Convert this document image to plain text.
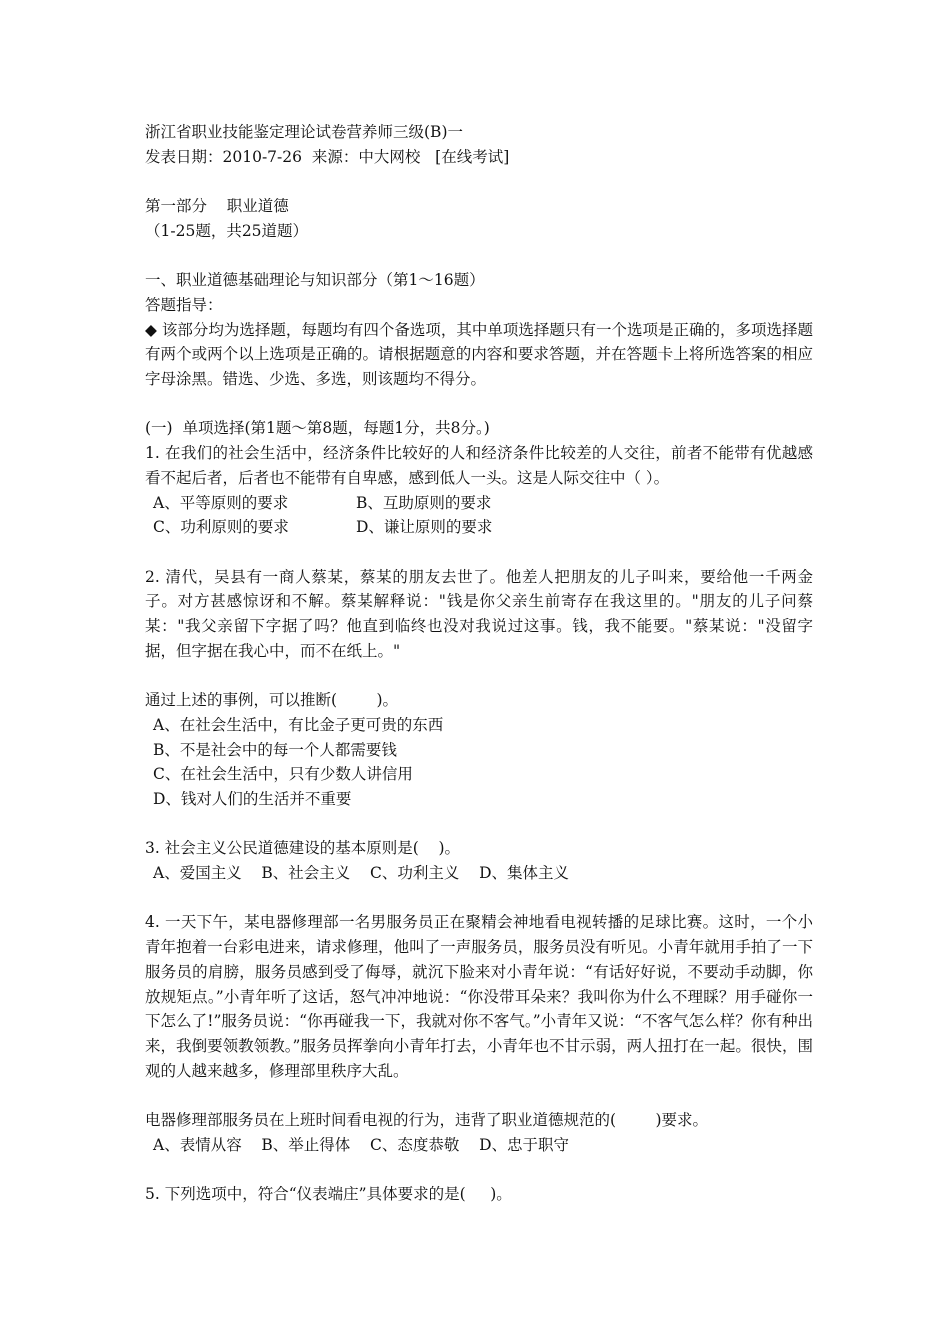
浙江省职业技能鉴定理论试卷营养师三级(B)一
发表日期：2010-7-26  来源：中大网校   [在线考试]
第一部分    职业道德
（1-25题，共25道题）
一、职业道德基础理论与知识部分（第1～16题）
答题指导：
◆ 该部分均为选择题，每题均有四个备选项，其中单项选择题只有一个选项是正确的，多项选择题有两个或两个以上选项是正确的。请根据题意的内容和要求答题，并在答题卡上将所选答案的相应字母涂黑。错选、少选、多选，则该题均不得分。
(一)  单项选择(第1题～第8题，每题1分，共8分。)
1. 在我们的社会生活中，经济条件比较好的人和经济条件比较差的人交往，前者不能带有优越感看不起后者，后者也不能带有自卑感，感到低人一头。这是人际交往中（ ）。
A、平等原则的要求	B、互助原则的要求
C、功利原则的要求	D、谦让原则的要求
2. 清代，吴县有一商人蔡某，蔡某的朋友去世了。他差人把朋友的儿子叫来，要给他一千两金子。对方甚感惊讶和不解。蔡某解释说："钱是你父亲生前寄存在我这里的。"朋友的儿子问蔡某："我父亲留下字据了吗？他直到临终也没对我说过这事。钱，我不能要。"蔡某说："没留字据，但字据在我心中，而不在纸上。"
通过上述的事例，可以推断(        )。
A、在社会生活中，有比金子更可贵的东西
B、不是社会中的每一个人都需要钱
C、在社会生活中，只有少数人讲信用
D、钱对人们的生活并不重要
3. 社会主义公民道德建设的基本原则是(    )。
A、爱国主义    B、社会主义    C、功利主义    D、集体主义
4. 一天下午，某电器修理部一名男服务员正在聚精会神地看电视转播的足球比赛。这时，一个小青年抱着一台彩电进来，请求修理，他叫了一声服务员，服务员没有听见。小青年就用手拍了一下服务员的肩膀，服务员感到受了侮辱，就沉下脸来对小青年说：“有话好好说，不要动手动脚，你放规矩点。”小青年听了这话，怒气冲冲地说：“你没带耳朵来？我叫你为什么不理睬？用手碰你一下怎么了!”服务员说：“你再碰我一下，我就对你不客气。”小青年又说：“不客气怎么样？你有种出来，我倒要领教领教。”服务员挥拳向小青年打去，小青年也不甘示弱，两人扭打在一起。很快，围观的人越来越多，修理部里秩序大乱。
电器修理部服务员在上班时间看电视的行为，违背了职业道德规范的(        )要求。
A、表情从容    B、举止得体    C、态度恭敬    D、忠于职守
5. 下列选项中，符合“仪表端庄”具体要求的是(     )。
